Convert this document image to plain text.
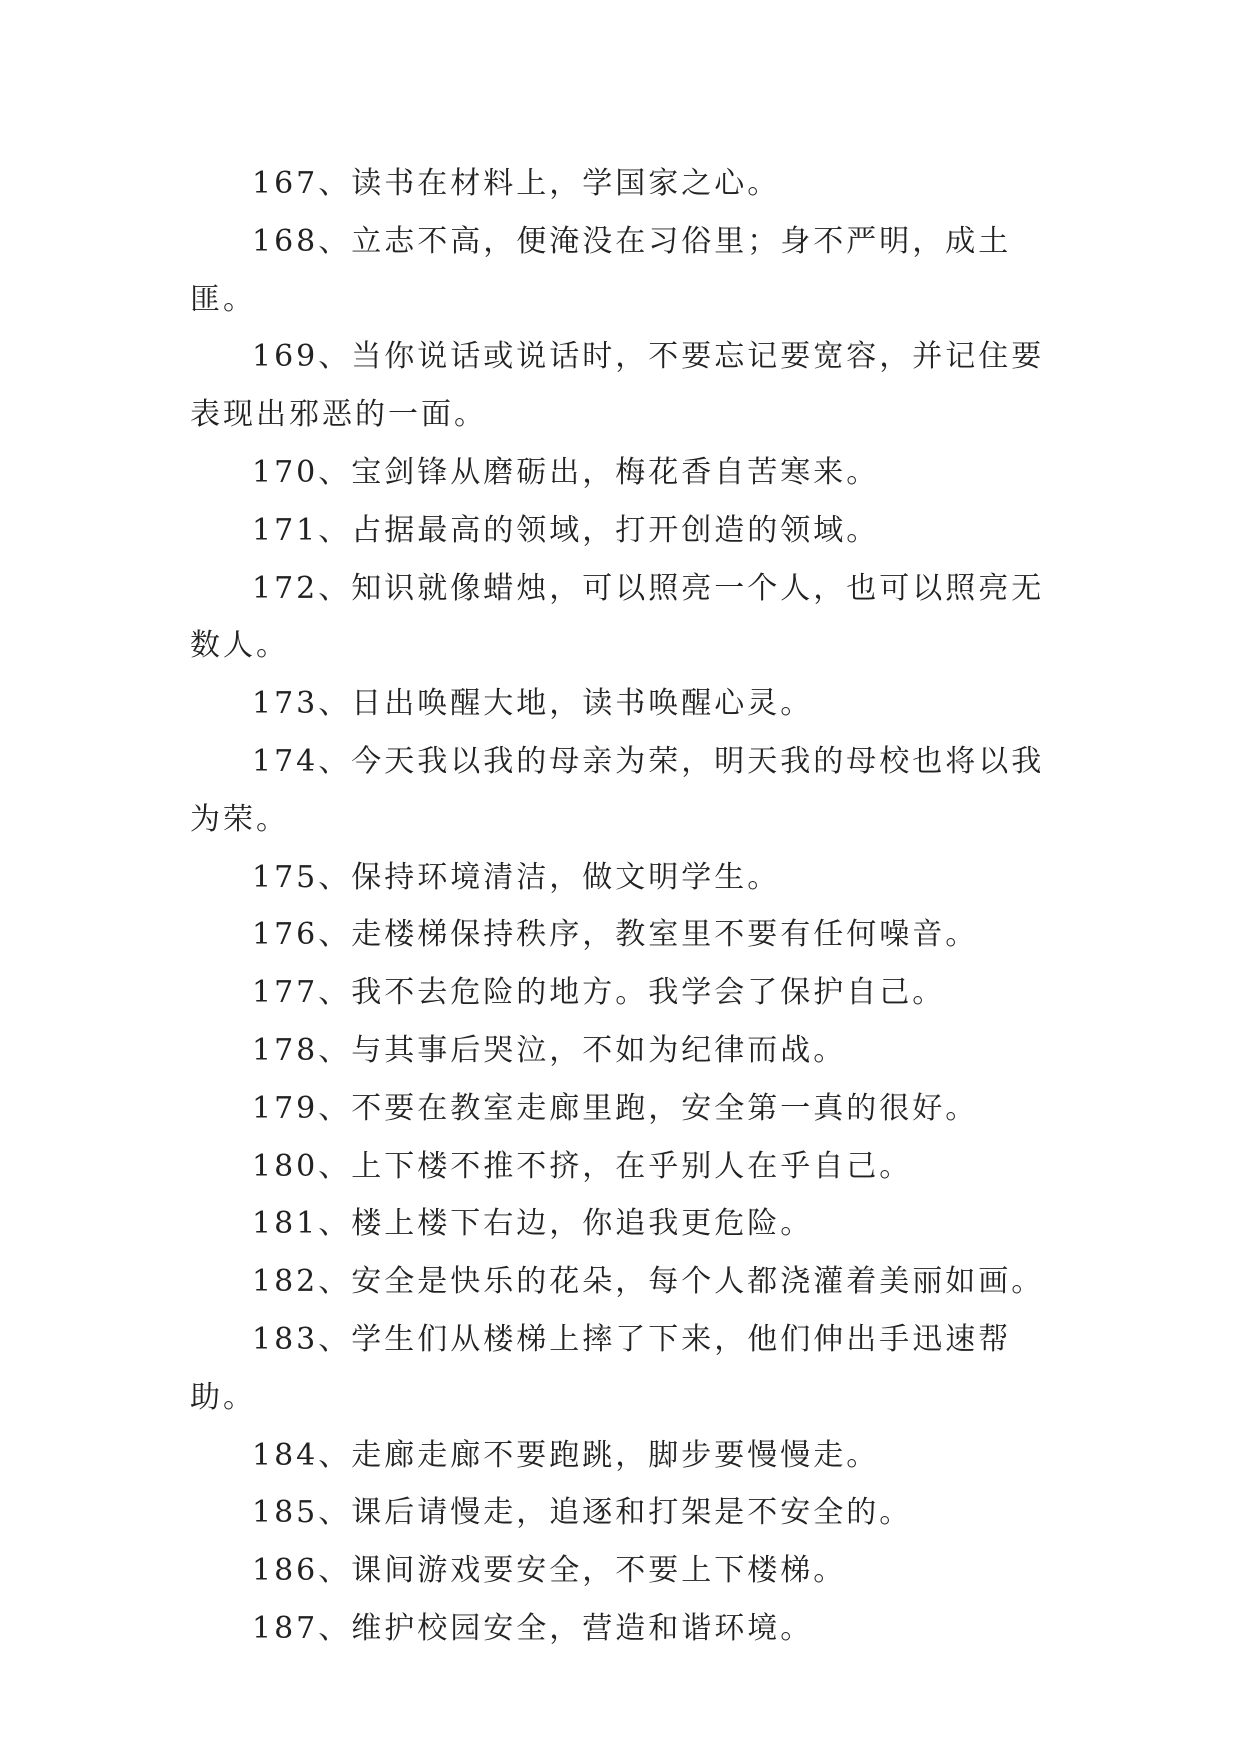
167、读书在材料上，学国家之心。

168、立志不高，便淹没在习俗里；身不严明，成土匪。

169、当你说话或说话时，不要忘记要宽容，并记住要表现出邪恶的一面。

170、宝剑锋从磨砺出，梅花香自苦寒来。

171、占据最高的领域，打开创造的领域。

172、知识就像蜡烛，可以照亮一个人，也可以照亮无数人。

173、日出唤醒大地，读书唤醒心灵。

174、今天我以我的母亲为荣，明天我的母校也将以我为荣。

175、保持环境清洁，做文明学生。

176、走楼梯保持秩序，教室里不要有任何噪音。

177、我不去危险的地方。我学会了保护自己。

178、与其事后哭泣，不如为纪律而战。

179、不要在教室走廊里跑，安全第一真的很好。

180、上下楼不推不挤，在乎别人在乎自己。

181、楼上楼下右边，你追我更危险。

182、安全是快乐的花朵，每个人都浇灌着美丽如画。

183、学生们从楼梯上摔了下来，他们伸出手迅速帮助。

184、走廊走廊不要跑跳，脚步要慢慢走。

185、课后请慢走，追逐和打架是不安全的。

186、课间游戏要安全，不要上下楼梯。

187、维护校园安全，营造和谐环境。
